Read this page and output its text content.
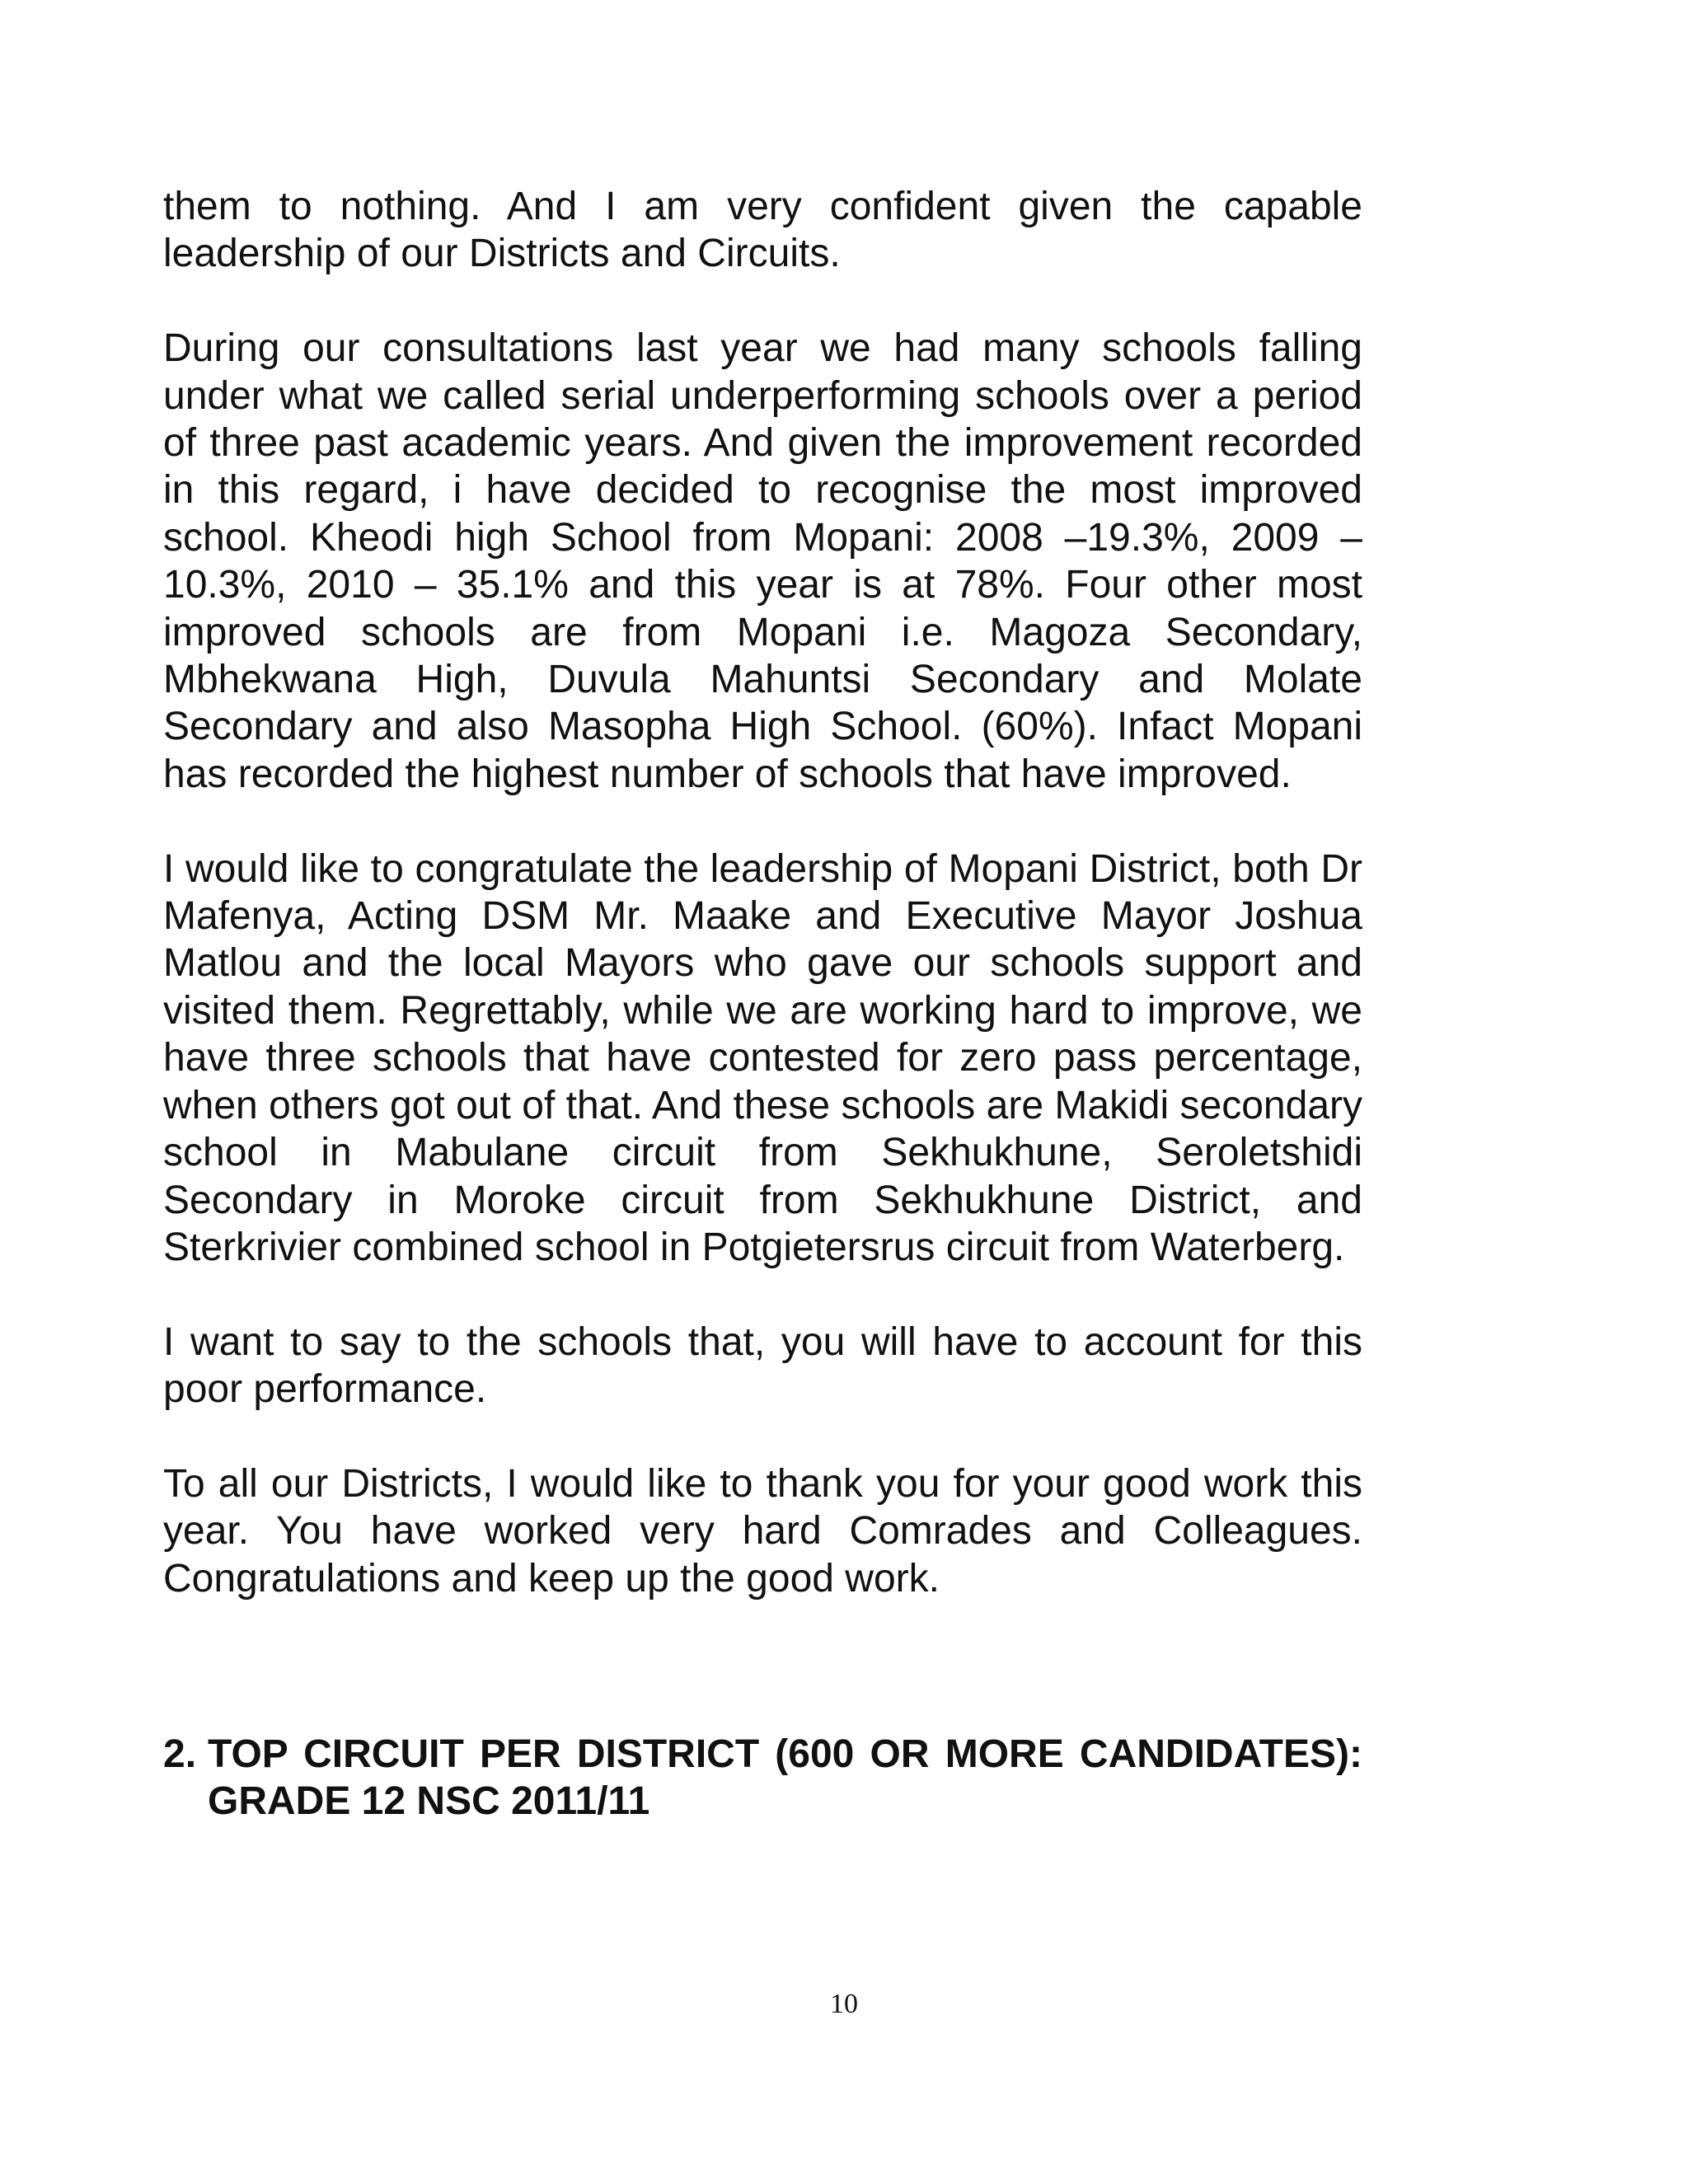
them to nothing. And I am very confident given the capable leadership of our Districts and Circuits.

During our consultations last year we had many schools falling under what we called serial underperforming schools over a period of three past academic years. And given the improvement recorded in this regard, i have decided to recognise the most improved school. Kheodi high School from Mopani: 2008 –19.3%, 2009 – 10.3%, 2010 – 35.1% and this year is at 78%. Four other most improved schools are from Mopani i.e. Magoza Secondary, Mbhekwana High, Duvula Mahuntsi Secondary and Molate Secondary and also Masopha High School. (60%). Infact Mopani has recorded the highest number of schools that have improved.

I would like to congratulate the leadership of Mopani District, both Dr Mafenya, Acting DSM Mr. Maake and Executive Mayor Joshua Matlou and the local Mayors who gave our schools support and visited them. Regrettably, while we are working hard to improve, we have three schools that have contested for zero pass percentage, when others got out of that. And these schools are Makidi secondary school in Mabulane circuit from Sekhukhune, Seroletshidi Secondary in Moroke circuit from Sekhukhune District, and Sterkrivier combined school in Potgietersrus circuit from Waterberg.

I want to say to the schools that, you will have to account for this poor performance.

To all our Districts, I would like to thank you for your good work this year. You have worked very hard Comrades and Colleagues. Congratulations and keep up the good work.

2. TOP CIRCUIT PER DISTRICT (600 OR MORE CANDIDATES): GRADE 12 NSC 2011/11
10
